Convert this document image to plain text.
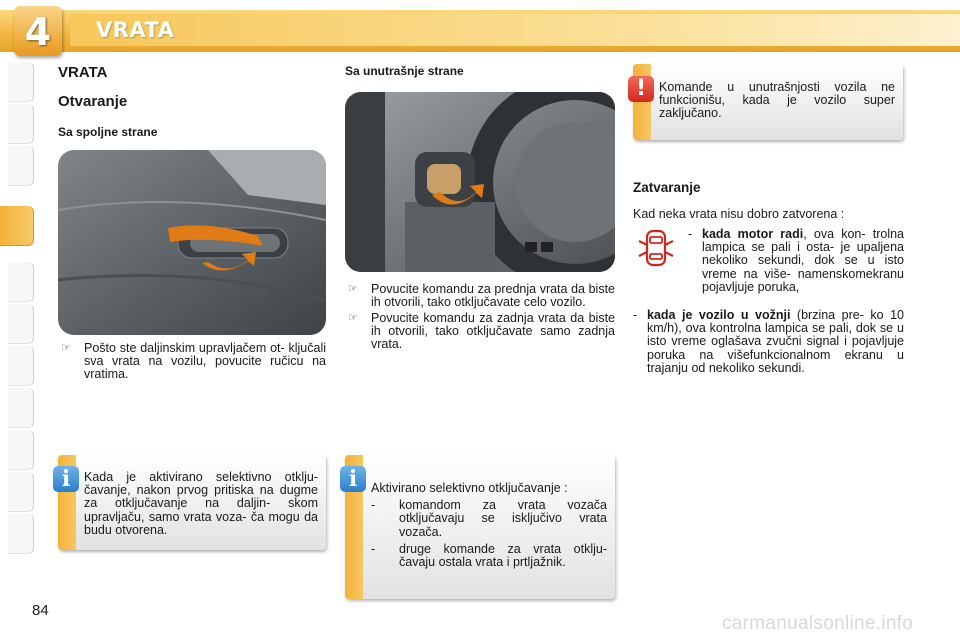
4	VRATA
VRATA
Otvaranje
Sa spoljne strane
☞ Pošto ste daljinskim upravljačem ot- ključali sva vrata na vozilu, povucite ručicu na vratima.
Kada je aktivirano selektivno otklju- čavanje, nakon prvog pritiska na dugme za otključavanje na daljin- skom upravljaču, samo vrata voza- ča mogu da budu otvorena.
i
Sa unutrašnje strane
☞ Povucite komandu za prednja vrata da biste ih otvorili, tako otključavate celo vozilo.
☞ Povucite komandu za zadnja vrata da biste ih otvorili, tako otključavate samo zadnja vrata.
Aktivirano selektivno otključavanje :
- komandom za vrata vozača otključavaju se isključivo vrata vozača.
- druge komande za vrata otklju- čavaju ostala vrata i prtljažnik.
i
Komande u unutrašnjosti vozila ne funkcionišu, kada je vozilo super zaključano.
!
Zatvaranje
Kad neka vrata nisu dobro zatvorena :
- kada motor radi, ova kon- trolna lampica se pali i osta- je upaljena nekoliko sekundi, dok se u isto vreme na više- namenskomekranu pojavljuje poruka,
- kada je vozilo u vožnji (brzina pre- ko 10 km/h), ova kontrolna lampica se pali, dok se u isto vreme oglašava zvučni signal i pojavljuje poruka na višefunkcionalnom ekranu u trajanju od nekoliko sekundi.
84
carmanualsonline.info
